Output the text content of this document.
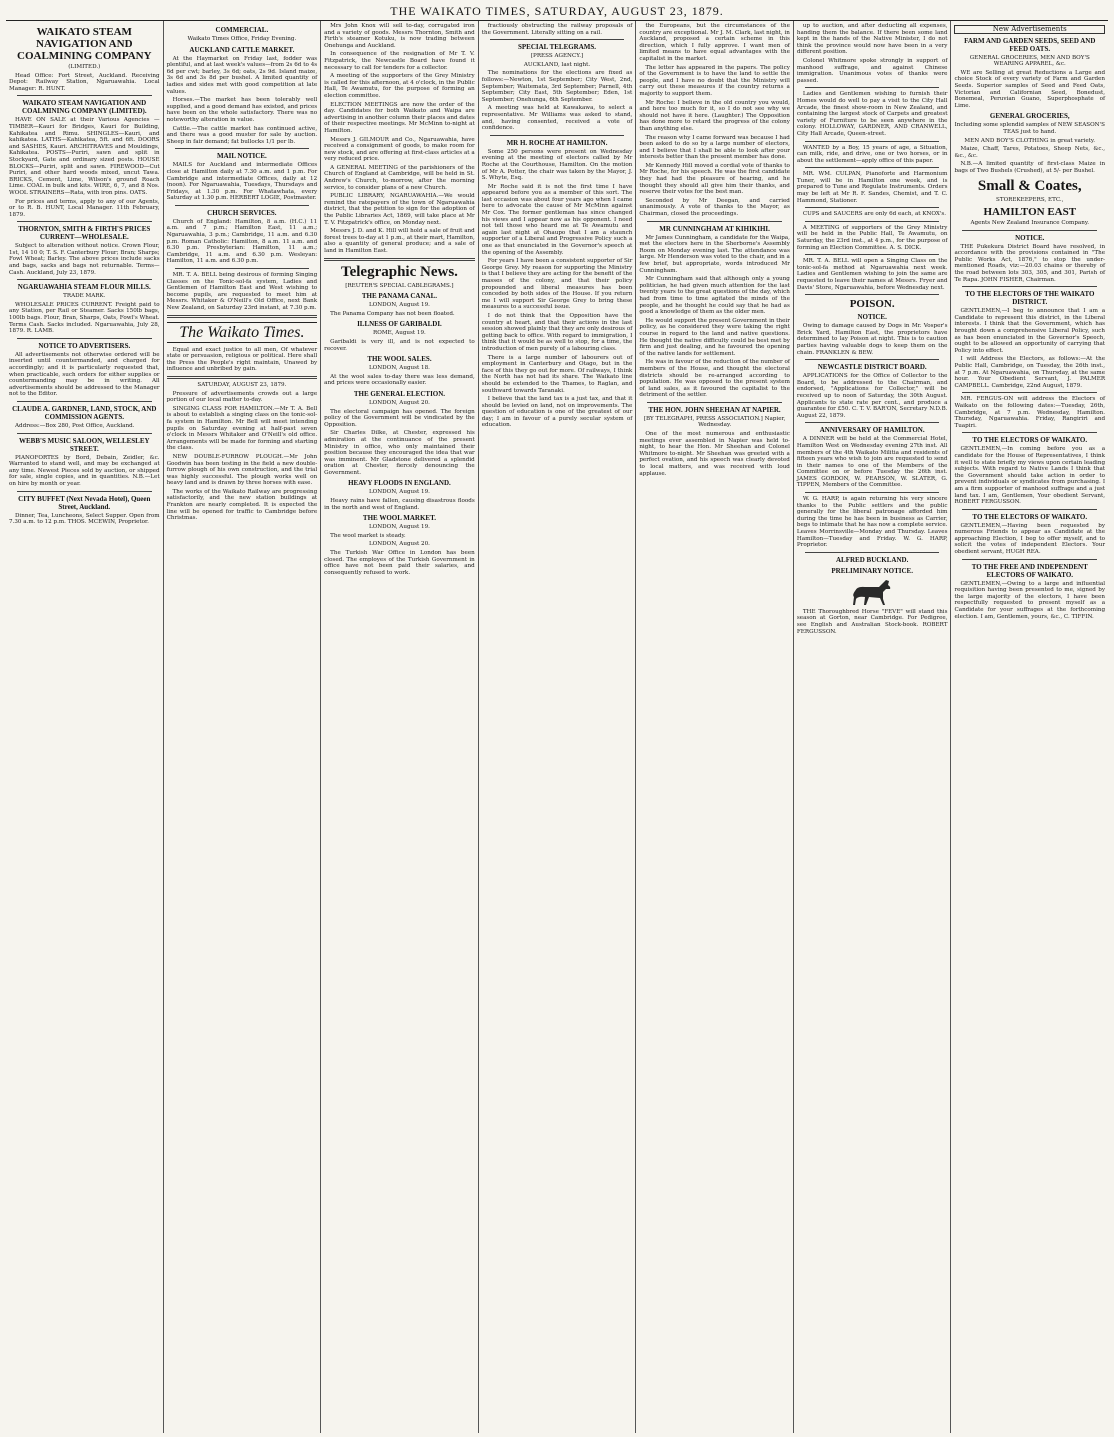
THE WAIKATO TIMES, SATURDAY, AUGUST 23, 1879.
WAIKATO STEAM NAVIGATION AND COALMINING COMPANY
(LIMITED.)

Head Office: Fort Street, Auckland. Receiving Depot: Railway Station, Ngaruawahia. Local Manager: R. HUNT.

WAIKATO STEAM NAVIGATION AND COALMINING COMPANY (LIMITED).

HAVE ON SALE at their Various Agencies — TIMBER—Kauri for Bridges, Kauri for Building, Kahikatea and Rimu. SHINGLES—Kauri, and kahikatea. LATHS—Kahikatea, 5ft. and 6ft. DOORS and SASHES, Kauri. ARCHITRAVES and Mouldings, Kahikatea. POSTS—Puriri, sawn and split in Stockyard, Gate and ordinary sized posts. HOUSE BLOCKS—Puriri, split and sawn. FIREWOOD—Cut Puriri, and other hard woods mixed, uncut Tawa. BRICKS, Cement, Lime, Wilson's ground Roach Lime. COAL in bulk and kits. WIRE, 6, 7, and 8 Nos. WOOL STRAINERS—Rata, with iron pins. OATS.

For prices and terms, apply to any of our Agents, or to R. B. HUNT, Local Manager. 11th February, 1879.

THORNTON, SMITH & FIRTH'S PRICES CURRENT—WHOLESALE.

Subject to alteration without notice. Crown Flour, 1st, 14 10 0; T. S. F. Canterbury Flour; Bran; Sharps; Fowl Wheat; Barley. The above prices include sacks and bags, sacks and bags not returnable. Terms—Cash. Auckland, July 23, 1879.

NGARUAWAHIA STEAM FLOUR MILLS.
TRADE MARK.

WHOLESALE PRICES CURRENT. Freight paid to any Station, per Rail or Steamer. Sacks 150lb bags, 100lb bags. Flour, Bran, Sharps, Oats, Fowl's Wheat. Terms Cash. Sacks included. Ngaruawahia, July 28, 1879. R. LAMB.

NOTICE TO ADVERTISERS.

All advertisements not otherwise ordered will be inserted until countermanded, and charged for accordingly; and it is particularly requested that, when practicable, such orders for either supplies or countermanding may be in writing. All advertisements should be addressed to the Manager not to the Editor.

CLAUDE A. GARDNER, LAND, STOCK, AND COMMISSION AGENTS.

Address:—Box 280, Post Office, Auckland.

WEBB'S MUSIC SALOON, WELLESLEY STREET.

PIANOFORTES by Bord, Debain, Zeidler, &c. Warranted to stand well, and may be exchanged at any time. Newest Pieces sold by auction, or shipped for sale, single copies, and in quantities. N.B.—Let on hire by month or year.

CITY BUFFET (Next Nevada Hotel), Queen Street, Auckland.

Dinner, Tea, Luncheons, Select Supper. Open from 7.30 a.m. to 12 p.m. THOS. MCEWIN, Proprietor.

COMMERCIAL.
Waikato Times Office, Friday Evening.
AUCKLAND CATTLE MARKET.

At the Haymarket on Friday last, fodder was plentiful, and at last week's values—from 2s 6d to 4s 6d per cwt; barley, 3s 6d; oats, 2s 9d. Island maize, 3s 6d and 3s 8d per bushel. A limited quantity of ladies and sides met with good competition at late values.

Horses.—The market has been tolerably well supplied, and a good demand has existed, and prices have been on the whole satisfactory. There was no noteworthy alteration in value.

Cattle.—The cattle market has continued active, and there was a good muster for sale by auction. Sheep in fair demand; fat bullocks 1/1 per lb.

MAIL NOTICE.

MAILS for Auckland and intermediate Offices close at Hamilton daily at 7.30 a.m. and 1 p.m. For Cambridge and intermediate Offices, daily at 12 (noon). For Ngaruawahia, Tuesdays, Thursdays and Fridays, at 1.30 p.m. For Whatawhata, every Saturday at 1.30 p.m. HERBERT LOGIE, Postmaster.

CHURCH SERVICES.

Church of England: Hamilton, 8 a.m. (H.C.) 11 a.m. and 7 p.m.; Hamilton East, 11 a.m.; Ngaruawahia, 3 p.m.; Cambridge, 11 a.m. and 6.30 p.m. Roman Catholic: Hamilton, 8 a.m. 11 a.m. and 6.30 p.m. Presbyterian: Hamilton, 11 a.m.; Cambridge, 11 a.m. and 6.30 p.m. Wesleyan: Hamilton, 11 a.m. and 6.30 p.m.

MR. T. A. BELL being desirous of forming Singing Classes on the Tonic-sol-fa system, Ladies and Gentlemen of Hamilton East and West wishing to become pupils, are requested to meet him at Messrs. Whitaker & O'Neill's Old Office, next Bank New Zealand, on Saturday 23rd instant, at 7.30 p.m.

The Waikato Times.

Equal and exact justice to all men, Of whatever state or persuasion, religious or political. Here shall the Press the People's right maintain, Unawed by influence and unbribed by gain.

SATURDAY, AUGUST 23, 1879.

Pressure of advertisements crowds out a large portion of our local matter to-day.

SINGING CLASS FOR HAMILTON.—Mr T. A. Bell is about to establish a singing class on the tonic-sol-fa system in Hamilton. Mr Bell will meet intending pupils on Saturday evening at half-past seven o'clock in Messrs Whitaker and O'Neill's old office. Arrangements will be made for forming and starting the class.

NEW DOUBLE-FURROW PLOUGH.—Mr John Goodwin has been testing in the field a new double-furrow plough of his own construction, and the trial was highly successful. The plough works well on heavy land and is drawn by three horses with ease.

The works of the Waikato Railway are progressing satisfactorily, and the new station buildings at Frankton are nearly completed. It is expected the line will be opened for traffic to Cambridge before Christmas.

Mrs John Knox will sell to-day, corrugated iron and a variety of goods. Messrs Thornton, Smith and Firth's steamer Kotuku, is now trading between Onehunga and Auckland.

In consequence of the resignation of Mr T. V. Fitzpatrick, the Newcastle Board have found it necessary to call for tenders for a collector.

A meeting of the supporters of the Grey Ministry is called for this afternoon, at 4 o'clock, in the Public Hall, Te Awamutu, for the purpose of forming an election committee.

ELECTION MEETINGS are now the order of the day. Candidates for both Waikato and Waipa are advertising in another column their places and dates of their respective meetings. Mr McMinn to-night at Hamilton.

Messrs J. GILMOUR and Co., Ngaruawahia, have received a consignment of goods, to make room for new stock, and are offering at first-class articles at a very reduced price.

A GENERAL MEETING of the parishioners of the Church of England at Cambridge, will be held in St. Andrew's Church, to-morrow, after the morning service, to consider plans of a new Church.

PUBLIC LIBRARY, NGARUAWAHIA.—We would remind the ratepayers of the town of Ngaruawahia district, that the petition to sign for the adoption of the Public Libraries Act, 1869, will take place at Mr T. V. Fitzpatrick's office, on Monday next.

Messrs J. D. and K. Hill will hold a sale of fruit and forest trees to-day at 1 p.m., at their mart, Hamilton, also a quantity of general produce; and a sale of land in Hamilton East.

Telegraphic News.
[REUTER'S SPECIAL CABLEGRAMS.]
THE PANAMA CANAL.
LONDON, August 19.

The Panama Company has not been floated.

ILLNESS OF GARIBALDI.
ROME, August 19.

Garibaldi is very ill, and is not expected to recover.

THE WOOL SALES.
LONDON, August 18.

At the wool sales to-day there was less demand, and prices were occasionally easier.

THE GENERAL ELECTION.
LONDON, August 20.

The electoral campaign has opened. The foreign policy of the Government will be vindicated by the Opposition.

Sir Charles Dilke, at Chester, expressed his admiration at the continuance of the present Ministry in office, who only maintained their position because they encouraged the idea that war was imminent. Mr Gladstone delivered a splendid oration at Chester, fiercely denouncing the Government.

HEAVY FLOODS IN ENGLAND.
LONDON, August 19.

Heavy rains have fallen, causing disastrous floods in the north and west of England.

THE WOOL MARKET.
LONDON, August 19.

The wool market is steady.

LONDON, August 20.

The Turkish War Office in London has been closed. The employes of the Turkish Government in office have not been paid their salaries, and consequently refused to work.

fractiously obstructing the railway proposals of the Government. Literally sitting on a rail.

SPECIAL TELEGRAMS.
[PRESS AGENCY.]
AUCKLAND, last night.

The nominations for the elections are fixed as follows:—Newton, 1st September; City West, 2nd, September; Waitemata, 3rd September; Parnell, 4th September; City East, 5th September; Eden, 1st September; Onehunga, 6th September.

A meeting was held at Kawakawa, to select a representative. Mr Williams was asked to stand, and, having consented, received a vote of confidence.

MR H. ROCHE AT HAMILTON.

Some 250 persons were present on Wednesday evening at the meeting of electors called by Mr Roche at the Courthouse, Hamilton. On the motion of Mr A. Potter, the chair was taken by the Mayor, J. S. Whyte, Esq.

Mr Roche said it is not the first time I have appeared before you as a member of this sort. The last occasion was about four years ago when I came here to advocate the cause of Mr McMinn against Mr Cox. The former gentleman has since changed his views and I appear now as his opponent. I need not tell those who heard me at Te Awamutu and again last night at Ohaupo that I am a staunch supporter of a Liberal and Progressive Policy such a one as that enunciated in the Governor's speech at the opening of the Assembly.

For years I have been a consistent supporter of Sir George Grey. My reason for supporting the Ministry is that I believe they are acting for the benefit of the masses of the colony, and that their policy propounded and liberal measures has been conceded by both sides of the House. If you return me I will support Sir George Grey to bring these measures to a successful issue.

I do not think that the Opposition have the country at heart, and that their actions in the last session showed plainly that they are only desirous of getting back to office. With regard to immigration, I think that it would be as well to stop, for a time, the introduction of men purely of a labouring class.

There is a large number of labourers out of employment in Canterbury and Otago, but in the face of this they go out for more. Of railways, I think the North has not had its share. The Waikato line should be extended to the Thames, to Raglan, and southward towards Taranaki.

I believe that the land tax is a just tax, and that it should be levied on land, not on improvements. The question of education is one of the greatest of our day; I am in favour of a purely secular system of education.

the Europeans, but the circumstances of the country are exceptional. Mr J. M. Clark, last night, in Auckland, proposed a certain scheme in this direction, which I fully approve. I want men of limited means to have equal advantages with the capitalist in the market.

The letter has appeared in the papers. The policy of the Government is to have the land to settle the people, and I have no doubt that the Ministry will carry out these measures if the country returns a majority to support them.

Mr Roche: I believe in the old country you would, and here too much for it, so I do not see why we should not have it here. (Laughter.) The Opposition has done more to retard the progress of the colony than anything else.

The reason why I came forward was because I had been asked to do so by a large number of electors, and I believe that I shall be able to look after your interests better than the present member has done.

Mr Kennedy Hill moved a cordial vote of thanks to Mr Roche, for his speech. He was the first candidate they had had the pleasure of hearing, and he thought they should all give him their thanks, and reserve their votes for the best man.

Seconded by Mr Deegan, and carried unanimously. A vote of thanks to the Mayor, as Chairman, closed the proceedings.

MR CUNNINGHAM AT KIHIKIHI.

Mr James Cunningham, a candidate for the Waipa, met the electors here in the Sherborne's Assembly Room on Monday evening last. The attendance was large. Mr Henderson was voted to the chair, and in a few brief, but appropriate, words introduced Mr Cunningham.

Mr Cunningham said that although only a young politician, he had given much attention for the last twenty years to the great questions of the day, which had from time to time agitated the minds of the people, and he thought he could say that he had as good a knowledge of them as the older men.

He would support the present Government in their policy, as he considered they were taking the right course in regard to the land and native questions. He thought the native difficulty could be best met by firm and just dealing, and he favoured the opening of the native lands for settlement.

He was in favour of the reduction of the number of members of the House, and thought the electoral districts should be re-arranged according to population. He was opposed to the present system of land sales, as it favoured the capitalist to the detriment of the settler.

THE HON. JOHN SHEEHAN AT NAPIER.
[BY TELEGRAPH, PRESS ASSOCIATION.] Napier, Wednesday.

One of the most numerous and enthusiastic meetings ever assembled in Napier was held to-night, to hear the Hon. Mr Sheehan and Colonel Whitmore to-night. Mr Sheehan was greeted with a perfect ovation, and his speech was clearly devoted to local matters, and was received with loud applause.

up to auction, and after deducting all expenses, handing them the balance. If there been some land kept in the hands of the Native Minister, I do not think the province would now have been in a very different position.

Colonel Whitmore spoke strongly in support of manhood suffrage, and against Chinese immigration. Unanimous votes of thanks were passed.

Ladies and Gentlemen wishing to furnish their Homes would do well to pay a visit to the City Hall Arcade, the finest show-room in New Zealand, and containing the largest stock of Carpets and greatest variety of Furniture to be seen anywhere in the colony. HOLLOWAY, GARDNER, AND CRANWELL, City Hall Arcade, Queen-street.

WANTED by a Boy, 15 years of age, a Situation, can milk, ride, and drive, one or two horses, or in about the settlement—apply office of this paper.

MR. WM. CULPAN, Pianoforte and Harmonium Tuner, will be in Hamilton one week, and is prepared to Tune and Regulate Instruments. Orders may be left at Mr R. F. Sandes, Chemist, and T. C. Hammond, Stationer.

CUPS and SAUCERS are only 6d each, at KNOX's.

A MEETING of supporters of the Grey Ministry will be held in the Public Hall, Te Awamutu, on Saturday, the 23rd inst., at 4 p.m., for the purpose of forming an Election Committee. A. S. DICK.

MR. T. A. BELL will open a Singing Class on the tonic-sol-fa method at Ngaruawahia next week. Ladies and Gentlemen wishing to join the same are requested to leave their names at Messrs. Fryer and Davis' Store, Ngaruawahia, before Wednesday next.

POISON.
NOTICE.

Owing to damage caused by Dogs in Mr. Vosper's Brick Yard, Hamilton East, the proprietors have determined to lay Poison at night. This is to caution parties having valuable dogs to keep them on the chain. FRANKLEN & BEW.

NEWCASTLE DISTRICT BOARD.

APPLICATIONS for the Office of Collector to the Board, to be addressed to the Chairman, and endorsed, "Applications for Collector," will be received up to noon of Saturday, the 30th August. Applicants to state rate per cent., and produce a guarantee for £50. C. T. V. BAR'ON, Secretary N.D.B. August 22, 1879.

ANNIVERSARY OF HAMILTON.

A DINNER will be held at the Commercial Hotel, Hamilton West on Wednesday evening 27th inst. All members of the 4th Waikato Militia and residents of fifteen years who wish to join are requested to send in their names to one of the Members of the Committee on or before Tuesday the 26th inst. JAMES GORDON, W. PEARSON, W. SLATER, G. TIPPEN, Members of the Committee.

W. G. HARP, is again returning his very sincere thanks to the Public settlers and the public generally for the liberal patronage afforded him during the time he has been in business as Carrier, begs to intimate that he has now a complete service. Leaves Morrinsville—Monday and Thursday. Leaves Hamilton—Tuesday and Friday. W. G. HARP, Proprietor.

ALFRED BUCKLAND.
PRELIMINARY NOTICE.

THE Thoroughbred Horse "FEVE" will stand this season at Gorton, near Cambridge. For Pedigree, see English and Australian Stock-book. ROBERT FERGUSSON.

New Advertisements
FARM AND GARDEN SEEDS, SEED AND FEED OATS.
GENERAL GROCERIES, MEN AND BOY'S WEARING APPAREL, &c.

WE are Selling at great Reductions a Large and choice Stock of every variety of Farm and Garden Seeds. Superior samples of Seed and Feed Oats, Victorian and Californian Seed, Bonedust, Bonemeal, Peruvian Guano, Superphosphate of Lime.

GENERAL GROCERIES,
Including some splendid samples of NEW SEASON'S TEAS just to hand.
MEN AND BOY'S CLOTHING in great variety.

Maize, Chaff, Tares, Potatoes, Sheep Nets, &c., &c., &c.

N.B.—A limited quantity of first-class Maize in bags of Two Bushels (Crushed), at 5/- per Bushel.

Small & Coates,
STOREKEEPERS, ETC.,
HAMILTON EAST
Agents New Zealand Insurance Company.
NOTICE.

THE Pukekura District Board have resolved, in accordance with the provisions contained in "The Public Works Act, 1876," to stop the under-mentioned Roads, viz:—20.03 chains or thereby of the road between lots 303, 305, and 301, Parish of Te Rapa. JOHN FISHER, Chairman.

TO THE ELECTORS OF THE WAIKATO DISTRICT.

GENTLEMEN,—I beg to announce that I am a Candidate to represent this district, in the Liberal interests. I think that the Government, which has brought down a comprehensive Liberal Policy, such as has been enunciated in the Governor's Speech, ought to be allowed an opportunity of carrying that Policy into effect.

I will Address the Electors, as follows:—At the Public Hall, Cambridge, on Tuesday, the 26th inst., at 7 p.m. At Ngaruawahia, on Thursday, at the same hour. Your Obedient Servant, J. PALMER CAMPBELL. Cambridge, 22nd August, 1879.

MR. FERGUS-ON will address the Electors of Waikato on the following dates:—Tuesday, 26th, Cambridge, at 7 p.m. Wednesday, Hamilton. Thursday, Ngaruawahia. Friday, Rangiriri and Tuapiri.

TO THE ELECTORS OF WAIKATO.

GENTLEMEN,—In coming before you as a candidate for the House of Representatives, I think it well to state briefly my views upon certain leading subjects. With regard to Native Lands I think that the Government should take action in order to prevent individuals or syndicates from purchasing. I am a firm supporter of manhood suffrage and a just land tax. I am, Gentlemen, Your obedient Servant, ROBERT FERGUSSON.

TO THE ELECTORS OF WAIKATO.

GENTLEMEN,—Having been requested by numerous Friends to appear as Candidate at the approaching Election, I beg to offer myself, and to solicit the votes of independent Electors. Your obedient servant, HUGH REA.

TO THE FREE AND INDEPENDENT ELECTORS OF WAIKATO.

GENTLEMEN,—Owing to a large and influential requisition having been presented to me, signed by the large majority of the electors, I have been respectfully requested to present myself as a Candidate for your suffrages at the forthcoming election. I am, Gentlemen, yours, &c., C. TIFFIN.
